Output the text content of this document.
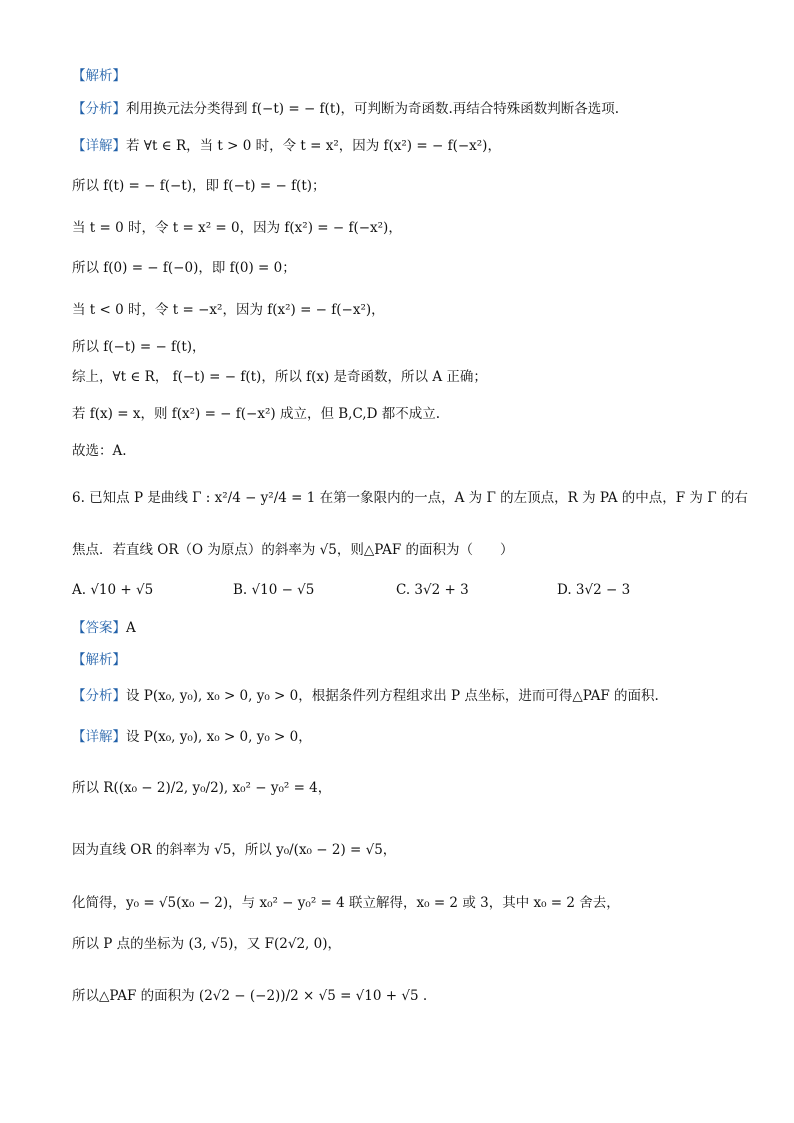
【解析】
【分析】利用换元法分类得到 f(−t) = − f(t)，可判断为奇函数.再结合特殊函数判断各选项.
【详解】若 ∀t ∈ R，当 t > 0 时，令 t = x²，因为 f(x²) = − f(−x²)，
所以 f(t) = − f(−t)，即 f(−t) = − f(t)；
当 t = 0 时，令 t = x² = 0，因为 f(x²) = − f(−x²)，
所以 f(0) = − f(−0)，即 f(0) = 0；
当 t < 0 时，令 t = −x²，因为 f(x²) = − f(−x²)，
所以 f(−t) = − f(t)，
综上，∀t ∈ R， f(−t) = − f(t)，所以 f(x) 是奇函数，所以 A 正确；
若 f(x) = x，则 f(x²) = − f(−x²) 成立，但 B,C,D 都不成立.
故选：A.
6. 已知点 P 是曲线 Γ : x²/4 − y²/4 = 1 在第一象限内的一点，A 为 Γ 的左顶点，R 为 PA 的中点，F 为 Γ 的右
焦点．若直线 OR（O 为原点）的斜率为 √5，则△PAF 的面积为（　　）
A. √10 + √5	B. √10 − √5	C. 3√2 + 3	D. 3√2 − 3
【答案】A
【解析】
【分析】设 P(x₀, y₀), x₀ > 0, y₀ > 0，根据条件列方程组求出 P 点坐标，进而可得△PAF 的面积.
【详解】设 P(x₀, y₀), x₀ > 0, y₀ > 0，
所以 R((x₀ − 2)/2, y₀/2), x₀² − y₀² = 4，
因为直线 OR 的斜率为 √5，所以 y₀/(x₀ − 2) = √5，
化简得，y₀ = √5(x₀ − 2)，与 x₀² − y₀² = 4 联立解得，x₀ = 2 或 3，其中 x₀ = 2 舍去，
所以 P 点的坐标为 (3, √5)，又 F(2√2, 0)，
所以△PAF 的面积为 (2√2 − (−2))/2 × √5 = √10 + √5 .
